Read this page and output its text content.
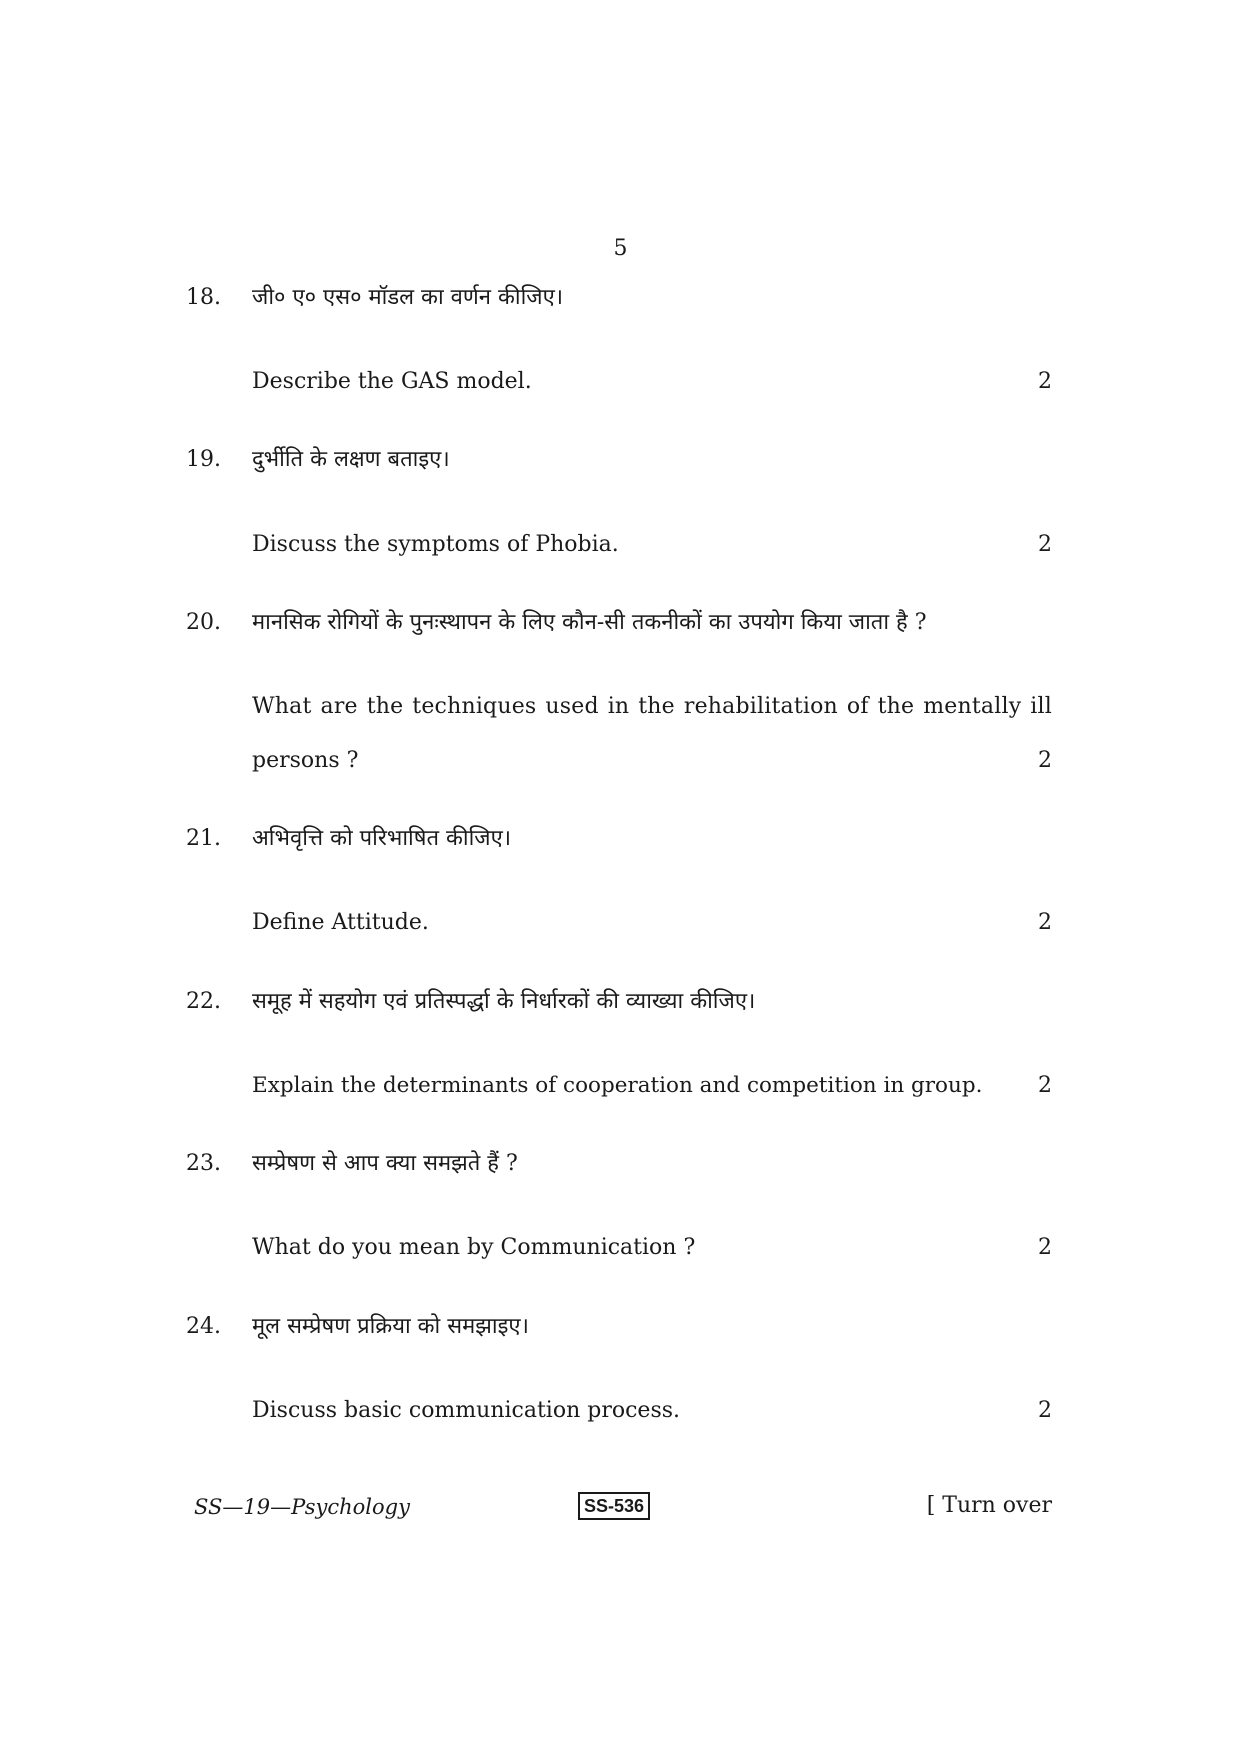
5
18. जी० ए० एस० मॉडल का वर्णन कीजिए।
Describe the GAS model.	2
19. दुर्भीति के लक्षण बताइए।
Discuss the symptoms of Phobia.	2
20. मानसिक रोगियों के पुनःस्थापन के लिए कौन-सी तकनीकों का उपयोग किया जाता है ?
What are the techniques used in the rehabilitation of the mentally ill
persons ?	2
21. अभिवृत्ति को परिभाषित कीजिए।
Define Attitude.	2
22. समूह में सहयोग एवं प्रतिस्पर्द्धा के निर्धारकों की व्याख्या कीजिए।
Explain the determinants of cooperation and competition in group.	2
23. सम्प्रेषण से आप क्या समझते हैं ?
What do you mean by Communication ?	2
24. मूल सम्प्रेषण प्रक्रिया को समझाइए।
Discuss basic communication process.	2
SS—19—Psychology	SS-536	[ Turn over
